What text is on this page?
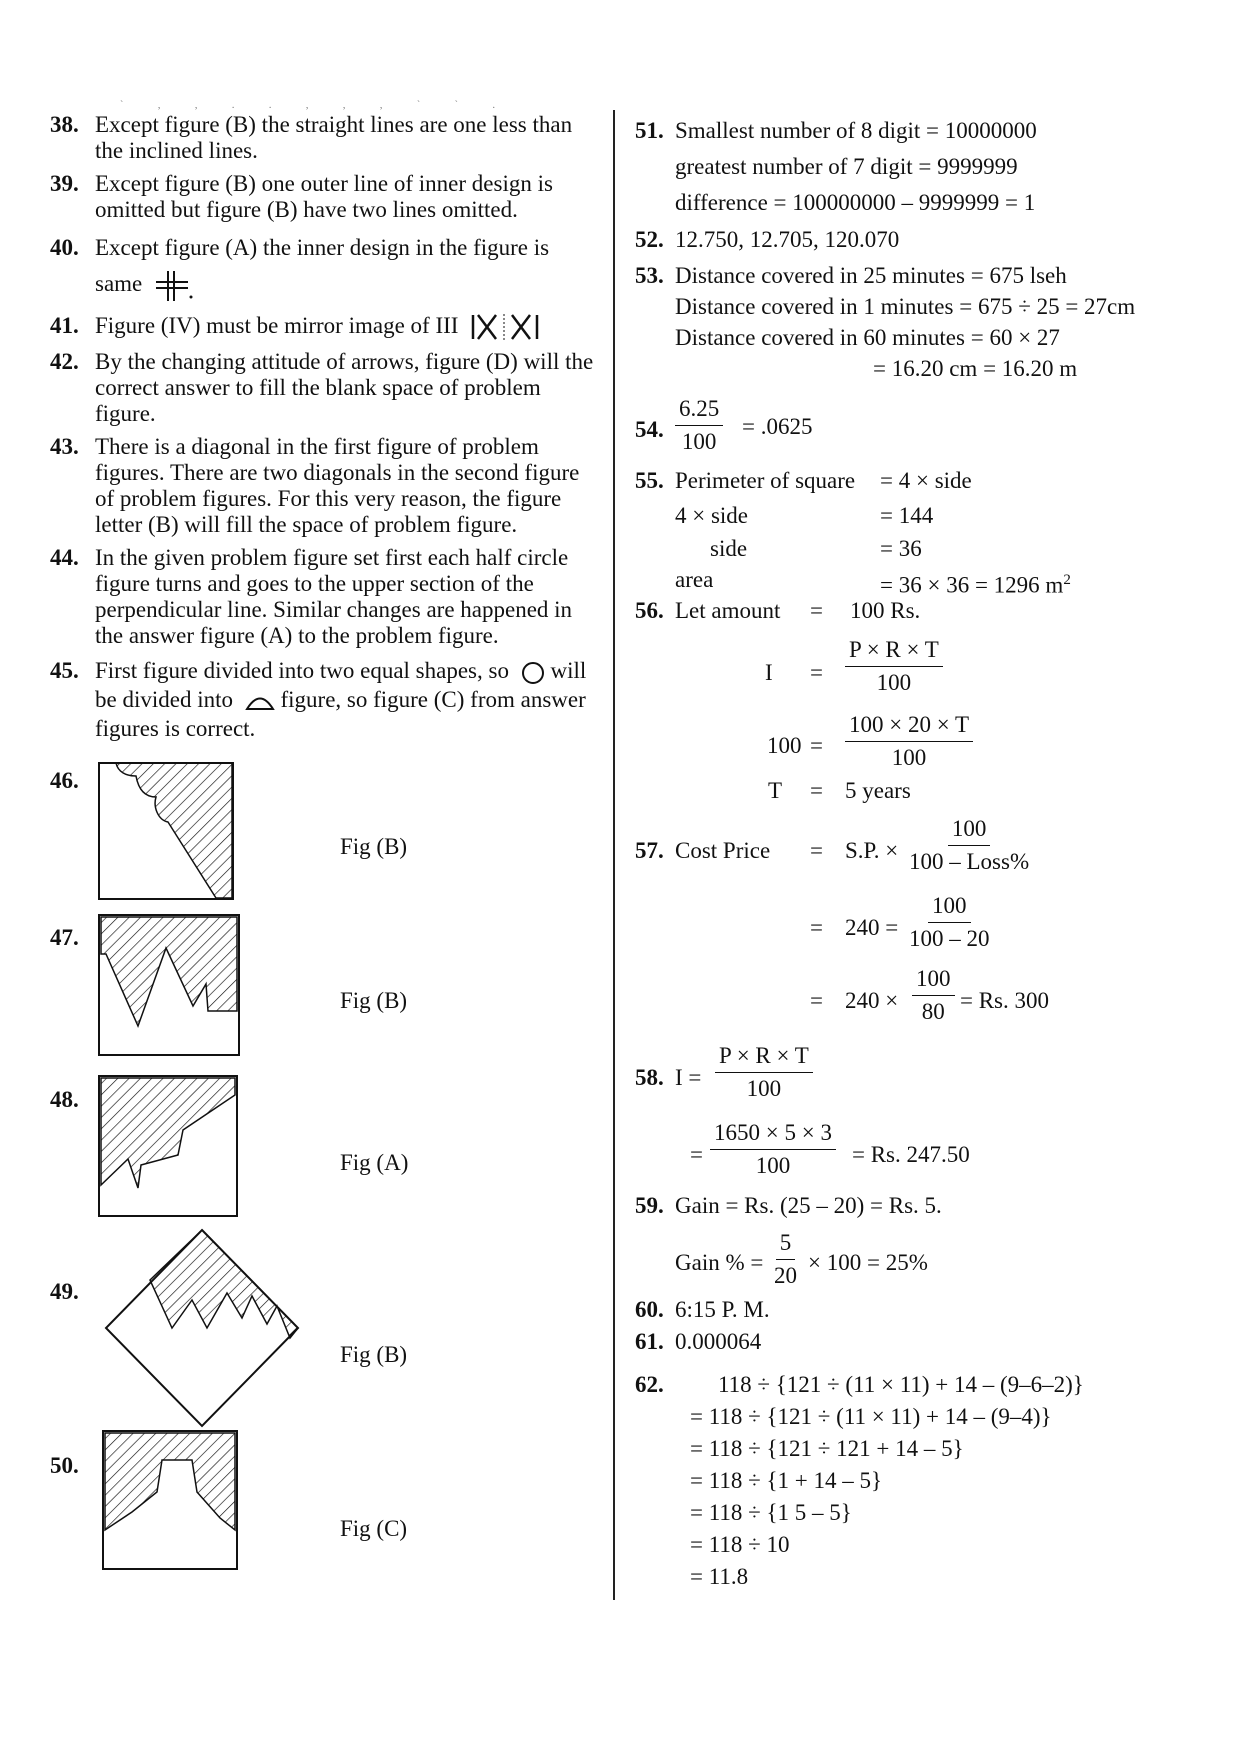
` , , . . , , , ` ` .
38. Except figure (B) the straight lines are one less than the inclined lines.
39. Except figure (B) one outer line of inner design is omitted but figure (B) have two lines omitted.
40. Except figure (A) the inner design in the figure is same
41. Figure (IV) must be mirror image of III
42. By the changing attitude of arrows, figure (D) will the correct answer to fill the blank space of problem figure.
43. There is a diagonal in the first figure of problem figures. There are two diagonals in the second figure of problem figures. For this very reason, the figure letter (B) will fill the space of problem figure.
44. In the given problem figure set first each half circle figure turns and goes to the upper section of the perpendicular line. Similar changes are happened in the answer figure (A) to the problem figure.
45. First figure divided into two equal shapes, so will be divided into figure, so figure (C) from answer figures is correct.
46.
Fig (B)
47.
Fig (B)
48.
Fig (A)
49.
Fig (B)
50.
Fig (C)
51. Smallest number of 8 digit = 10000000
greatest number of 7 digit = 9999999
difference = 100000000 – 9999999 = 1
52. 12.750, 12.705, 120.070
53. Distance covered in 25 minutes = 675 lseh
Distance covered in 1 minutes = 675 ÷ 25 = 27cm
Distance covered in 60 minutes = 60 × 27
= 16.20 cm = 16.20 m
54. $\frac{6.25}{100} = .0625$
55. Perimeter of square = 4 × side
4 × side	= 144
side	= 36
area	= 36 × 36 = 1296 $m^2$
56. Let amount = 100 Rs.
$I = \frac{P \times R \times T}{100}$
$100 = \frac{100 \times 20 \times T}{100}$
T = 5 years
57. Cost Price = S.P. × $\frac{100}{\text{100 – Loss\%}}$
= $240 = \frac{100}{100 - 20}$
= $240 \times \frac{100}{80} = Rs$. 300
58. $I = \frac{P \times R \times T}{100}$
= $\frac{1650 \times 5 \times 3}{100} = Rs$. 247.50
59. Gain = Rs. (25 – 20) = Rs. 5.
Gain % = $\frac{5}{20} \times 100 = 25\%$
60. 6:15 P. M.
61. 0.000064
62. 118 ÷ {121 ÷ (11 × 11) + 14 – (9–6–2)}
= 118 ÷ {121 ÷ (11 × 11) + 14 – (9–4)}
= 118 ÷ {121 ÷ 121 + 14 – 5}
= 118 ÷ {1 + 14 – 5}
= 118 ÷ {1 5 – 5}
= 118 ÷ 10
= 11.8
